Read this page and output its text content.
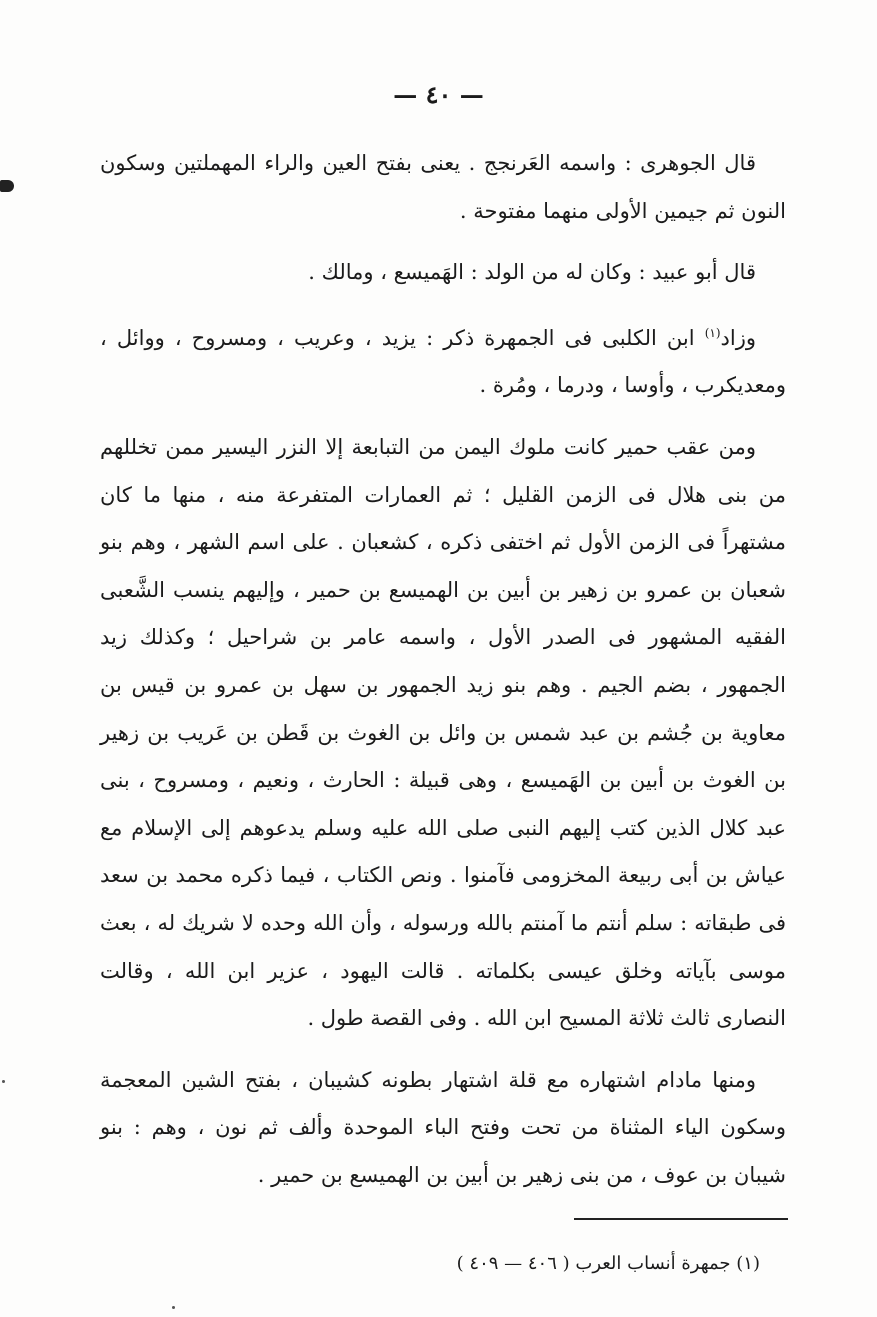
— ٤٠ —

قال الجوهرى : واسمه العَرنجج . يعنى بفتح العين والراء المهملتين وسكون النون ثم جيمين الأولى منهما مفتوحة .

قال أبو عبيد : وكان له من الولد : الهَميسع ، ومالك .

وزاد$^{(١)}$ ابن الكلبى فى الجمهرة ذكر : يزيد ، وعريب ، ومسروح ، ووائل ، ومعديكرب ، وأوسا ، ودرما ، ومُرة .

ومن عقب حمير كانت ملوك اليمن من التبابعة إلا النزر اليسير ممن تخللهم من بنى هلال فى الزمن القليل ؛ ثم العمارات المتفرعة منه ، منها ما كان مشتهراً فى الزمن الأول ثم اختفى ذكره ، كشعبان . على اسم الشهر ، وهم بنو شعبان بن عمرو بن زهير بن أبين بن الهميسع بن حمير ، وإليهم ينسب الشَّعبى الفقيه المشهور فى الصدر الأول ، واسمه عامر بن شراحيل ؛ وكذلك زيد الجمهور ، بضم الجيم . وهم بنو زيد الجمهور بن سهل بن عمرو بن قيس بن معاوية بن جُشم بن عبد شمس بن وائل بن الغوث بن قَطن بن عَريب بن زهير بن الغوث بن أبين بن الهَميسع ، وهى قبيلة : الحارث ، ونعيم ، ومسروح ، بنى عبد كلال الذين كتب إليهم النبى صلى الله عليه وسلم يدعوهم إلى الإسلام مع عياش بن أبى ربيعة المخزومى فآمنوا . ونص الكتاب ، فيما ذكره محمد بن سعد فى طبقاته : سلم أنتم ما آمنتم بالله ورسوله ، وأن الله وحده لا شريك له ، بعث موسى بآياته وخلق عيسى بكلماته . قالت اليهود ، عزير ابن الله ، وقالت النصارى ثالث ثلاثة المسيح ابن الله . وفى القصة طول .

ومنها مادام اشتهاره مع قلة اشتهار بطونه كشيبان ، بفتح الشين المعجمة وسكون الياء المثناة من تحت وفتح الباء الموحدة وألف ثم نون ، وهم : بنو شيبان بن عوف ، من بنى زهير بن أبين بن الهميسع بن حمير .

(١) جمهرة أنساب العرب ( ٤٠٦ — ٤٠٩ )
